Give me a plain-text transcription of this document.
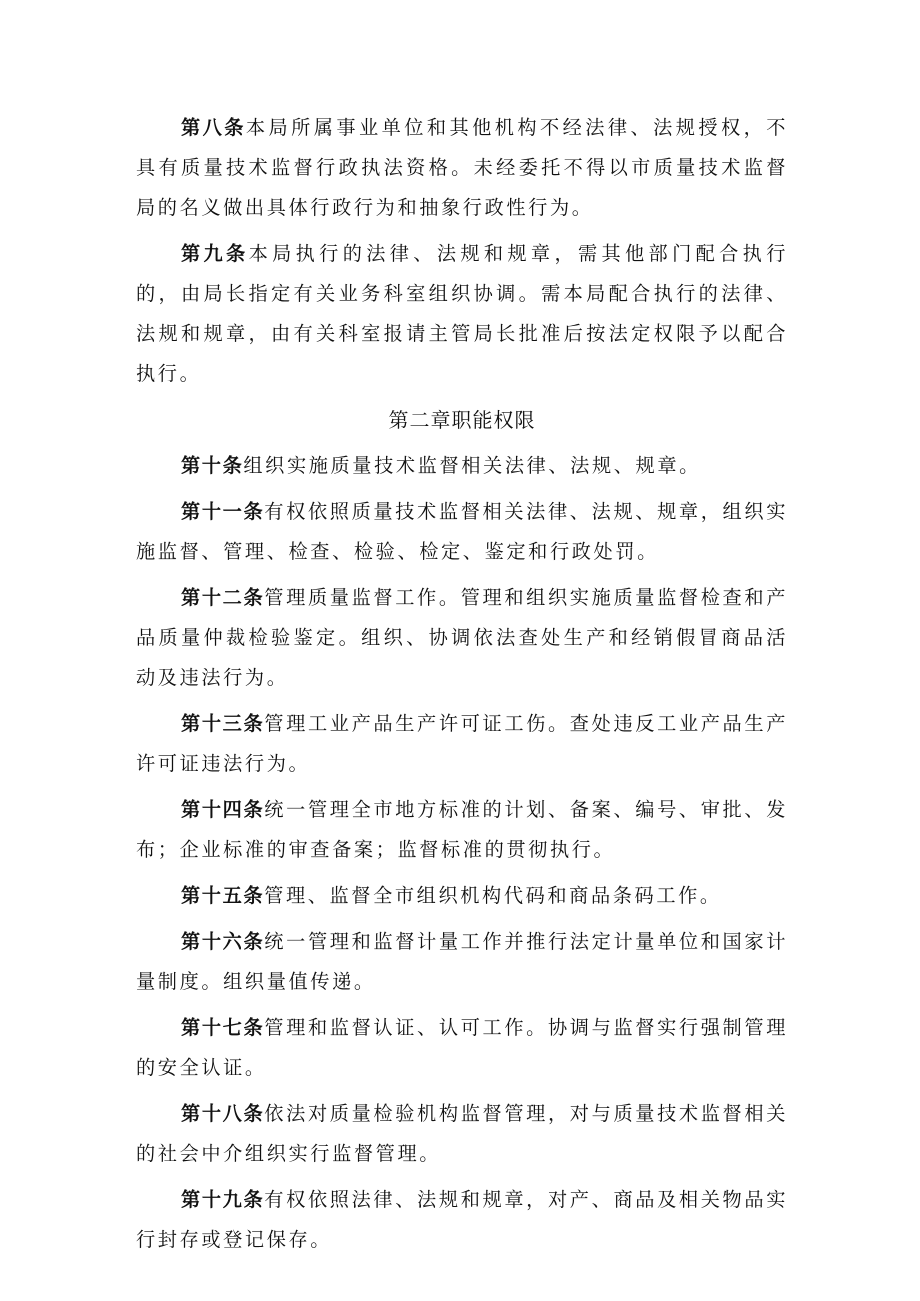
第八条本局所属事业单位和其他机构不经法律、法规授权，不具有质量技术监督行政执法资格。未经委托不得以市质量技术监督局的名义做出具体行政行为和抽象行政性行为。

第九条本局执行的法律、法规和规章，需其他部门配合执行的，由局长指定有关业务科室组织协调。需本局配合执行的法律、法规和规章，由有关科室报请主管局长批准后按法定权限予以配合执行。

第二章职能权限

第十条组织实施质量技术监督相关法律、法规、规章。

第十一条有权依照质量技术监督相关法律、法规、规章，组织实施监督、管理、检查、检验、检定、鉴定和行政处罚。

第十二条管理质量监督工作。管理和组织实施质量监督检查和产品质量仲裁检验鉴定。组织、协调依法查处生产和经销假冒商品活动及违法行为。

第十三条管理工业产品生产许可证工伤。查处违反工业产品生产许可证违法行为。

第十四条统一管理全市地方标准的计划、备案、编号、审批、发布；企业标准的审查备案；监督标准的贯彻执行。

第十五条管理、监督全市组织机构代码和商品条码工作。

第十六条统一管理和监督计量工作并推行法定计量单位和国家计量制度。组织量值传递。

第十七条管理和监督认证、认可工作。协调与监督实行强制管理的安全认证。

第十八条依法对质量检验机构监督管理，对与质量技术监督相关的社会中介组织实行监督管理。

第十九条有权依照法律、法规和规章，对产、商品及相关物品实行封存或登记保存。
